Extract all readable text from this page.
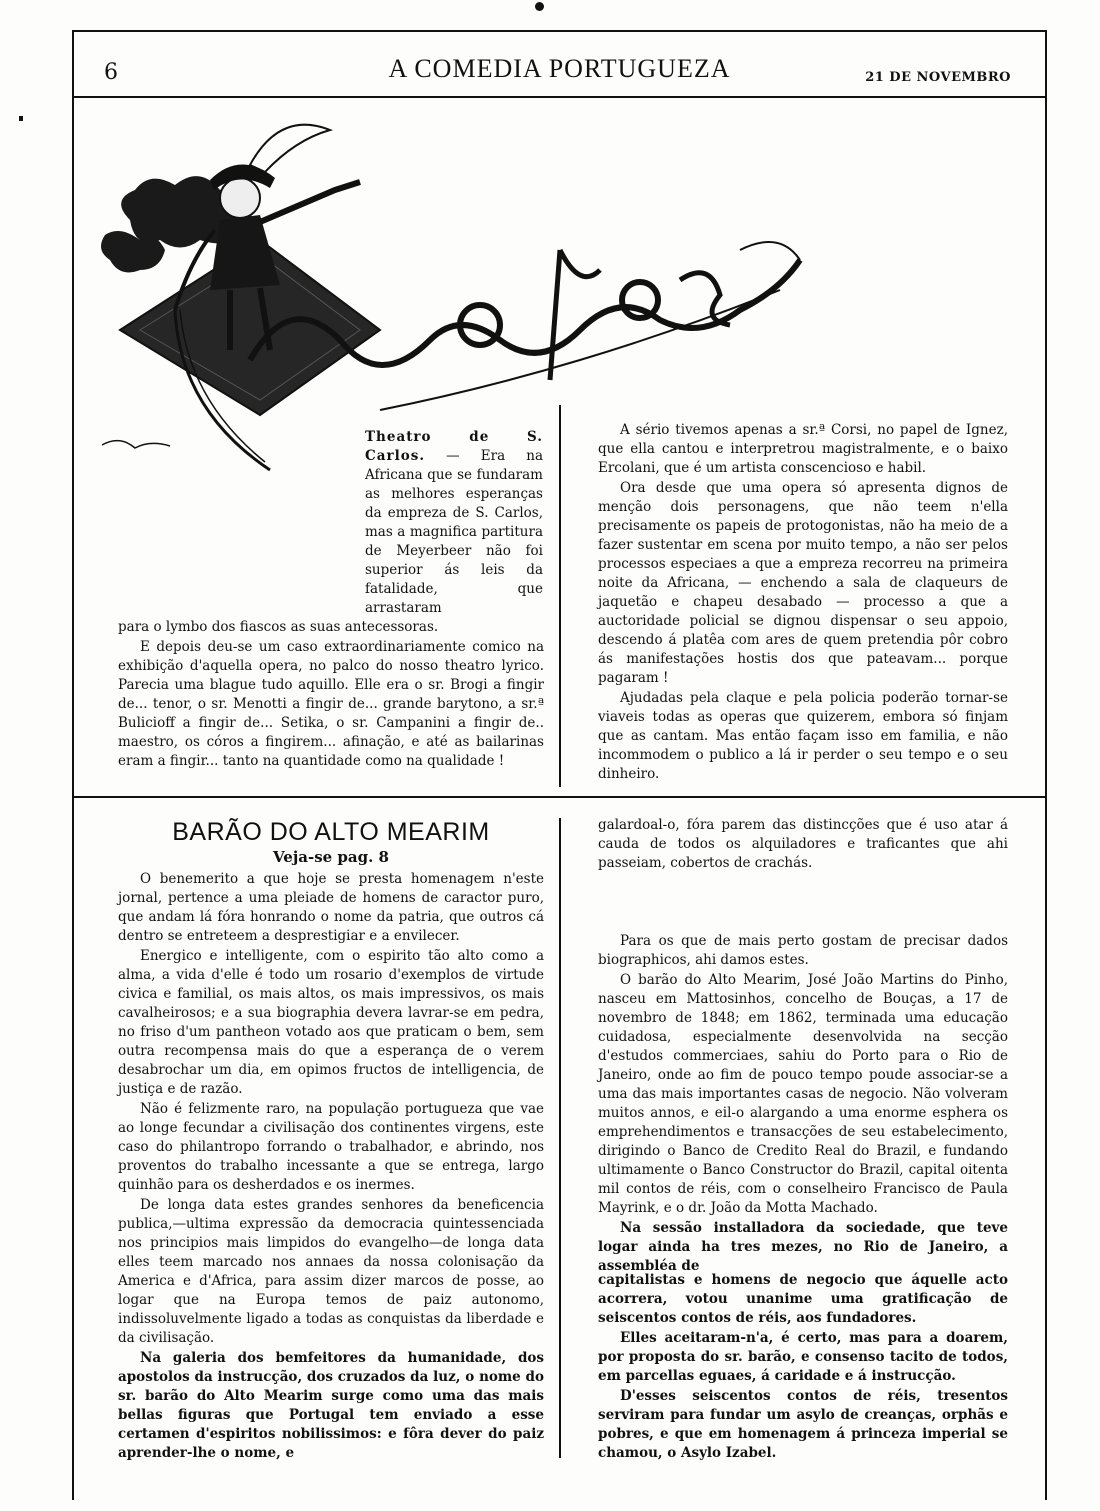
6	A COMEDIA PORTUGUEZA	21 DE NOVEMBRO

Theatro de S. Carlos. — Era na Africana que se fundaram as melhores esperanças da empreza de S. Carlos, mas a magnifica partitura de Meyerbeer não foi superior ás leis da fatalidade, que arrastaram

para o lymbo dos fiascos as suas antecessoras.

E depois deu-se um caso extraordinariamente comico na exhibição d'aquella opera, no palco do nosso theatro lyrico. Parecia uma blague tudo aquillo. Elle era o sr. Brogi a fingir de... tenor, o sr. Menotti a fingir de... grande barytono, a sr.ª Bulicioff a fingir de... Setika, o sr. Campanini a fingir de.. maestro, os córos a fingirem... afinação, e até as bailarinas eram a fingir... tanto na quantidade como na qualidade !

A sério tivemos apenas a sr.ª Corsi, no papel de Ignez, que ella cantou e interpretrou magistralmente, e o baixo Ercolani, que é um artista conscencioso e habil.

Ora desde que uma opera só apresenta dignos de menção dois personagens, que não teem n'ella precisamente os papeis de protogonistas, não ha meio de a fazer sustentar em scena por muito tempo, a não ser pelos processos especiaes a que a empreza recorreu na primeira noite da Africana, — enchendo a sala de claqueurs de jaquetão e chapeu desabado — processo a que a auctoridade policial se dignou dispensar o seu appoio, descendo á platêa com ares de quem pretendia pôr cobro ás manifestações hostis dos que pateavam... porque pagaram !

Ajudadas pela claque e pela policia poderão tornar-se viaveis todas as operas que quizerem, embora só finjam que as cantam. Mas então façam isso em familia, e não incommodem o publico a lá ir perder o seu tempo e o seu dinheiro.

BARÃO DO ALTO MEARIM
Veja-se pag. 8

O benemerito a que hoje se presta homenagem n'este jornal, pertence a uma pleiade de homens de caractor puro, que andam lá fóra honrando o nome da patria, que outros cá dentro se entreteem a desprestigiar e a envilecer.

Energico e intelligente, com o espirito tão alto como a alma, a vida d'elle é todo um rosario d'exemplos de virtude civica e familial, os mais altos, os mais impressivos, os mais cavalheirosos; e a sua biographia devera lavrar-se em pedra, no friso d'um pantheon votado aos que praticam o bem, sem outra recompensa mais do que a esperança de o verem desabrochar um dia, em opimos fructos de intelligencia, de justiça e de razão.

Não é felizmente raro, na população portugueza que vae ao longe fecundar a civilisação dos continentes virgens, este caso do philantropo forrando o trabalhador, e abrindo, nos proventos do trabalho incessante a que se entrega, largo quinhão para os desherdados e os inermes.

De longa data estes grandes senhores da beneficencia publica,—ultima expressão da democracia quintessenciada nos principios mais limpidos do evangelho—de longa data elles teem marcado nos annaes da nossa colonisação da America e d'Africa, para assim dizer marcos de posse, ao logar que na Europa temos de paiz autonomo, indissoluvelmente ligado a todas as conquistas da liberdade e da civilisação.

Na galeria dos bemfeitores da humanidade, dos apostolos da instrucção, dos cruzados da luz, o nome do sr. barão do Alto Mearim surge como uma das mais bellas figuras que Portugal tem enviado a esse certamen d'espiritos nobilissimos: e fôra dever do paiz aprender-lhe o nome, e

galardoal-o, fóra parem das distincções que é uso atar á cauda de todos os alquiladores e traficantes que ahi passeiam, cobertos de crachás.

Para os que de mais perto gostam de precisar dados biographicos, ahi damos estes.

O barão do Alto Mearim, José João Martins do Pinho, nasceu em Mattosinhos, concelho de Bouças, a 17 de novembro de 1848; em 1862, terminada uma educação cuidadosa, especialmente desenvolvida na secção d'estudos commerciaes, sahiu do Porto para o Rio de Janeiro, onde ao fim de pouco tempo poude associar-se a uma das mais importantes casas de negocio. Não volveram muitos annos, e eil-o alargando a uma enorme esphera os emprehendimentos e transacções de seu estabelecimento, dirigindo o Banco de Credito Real do Brazil, e fundando ultimamente o Banco Constructor do Brazil, capital oitenta mil contos de réis, com o conselheiro Francisco de Paula Mayrink, e o dr. João da Motta Machado.

Na sessão installadora da sociedade, que teve logar ainda ha tres mezes, no Rio de Janeiro, a assembléa de

capitalistas e homens de negocio que áquelle acto acorrera, votou unanime uma gratificação de seiscentos contos de réis, aos fundadores.

Elles aceitaram-n'a, é certo, mas para a doarem, por proposta do sr. barão, e consenso tacito de todos, em parcellas eguaes, á caridade e á instrucção.

D'esses seiscentos contos de réis, tresentos serviram para fundar um asylo de creanças, orphãs e pobres, e que em homenagem á princeza imperial se chamou, o Asylo Izabel.
